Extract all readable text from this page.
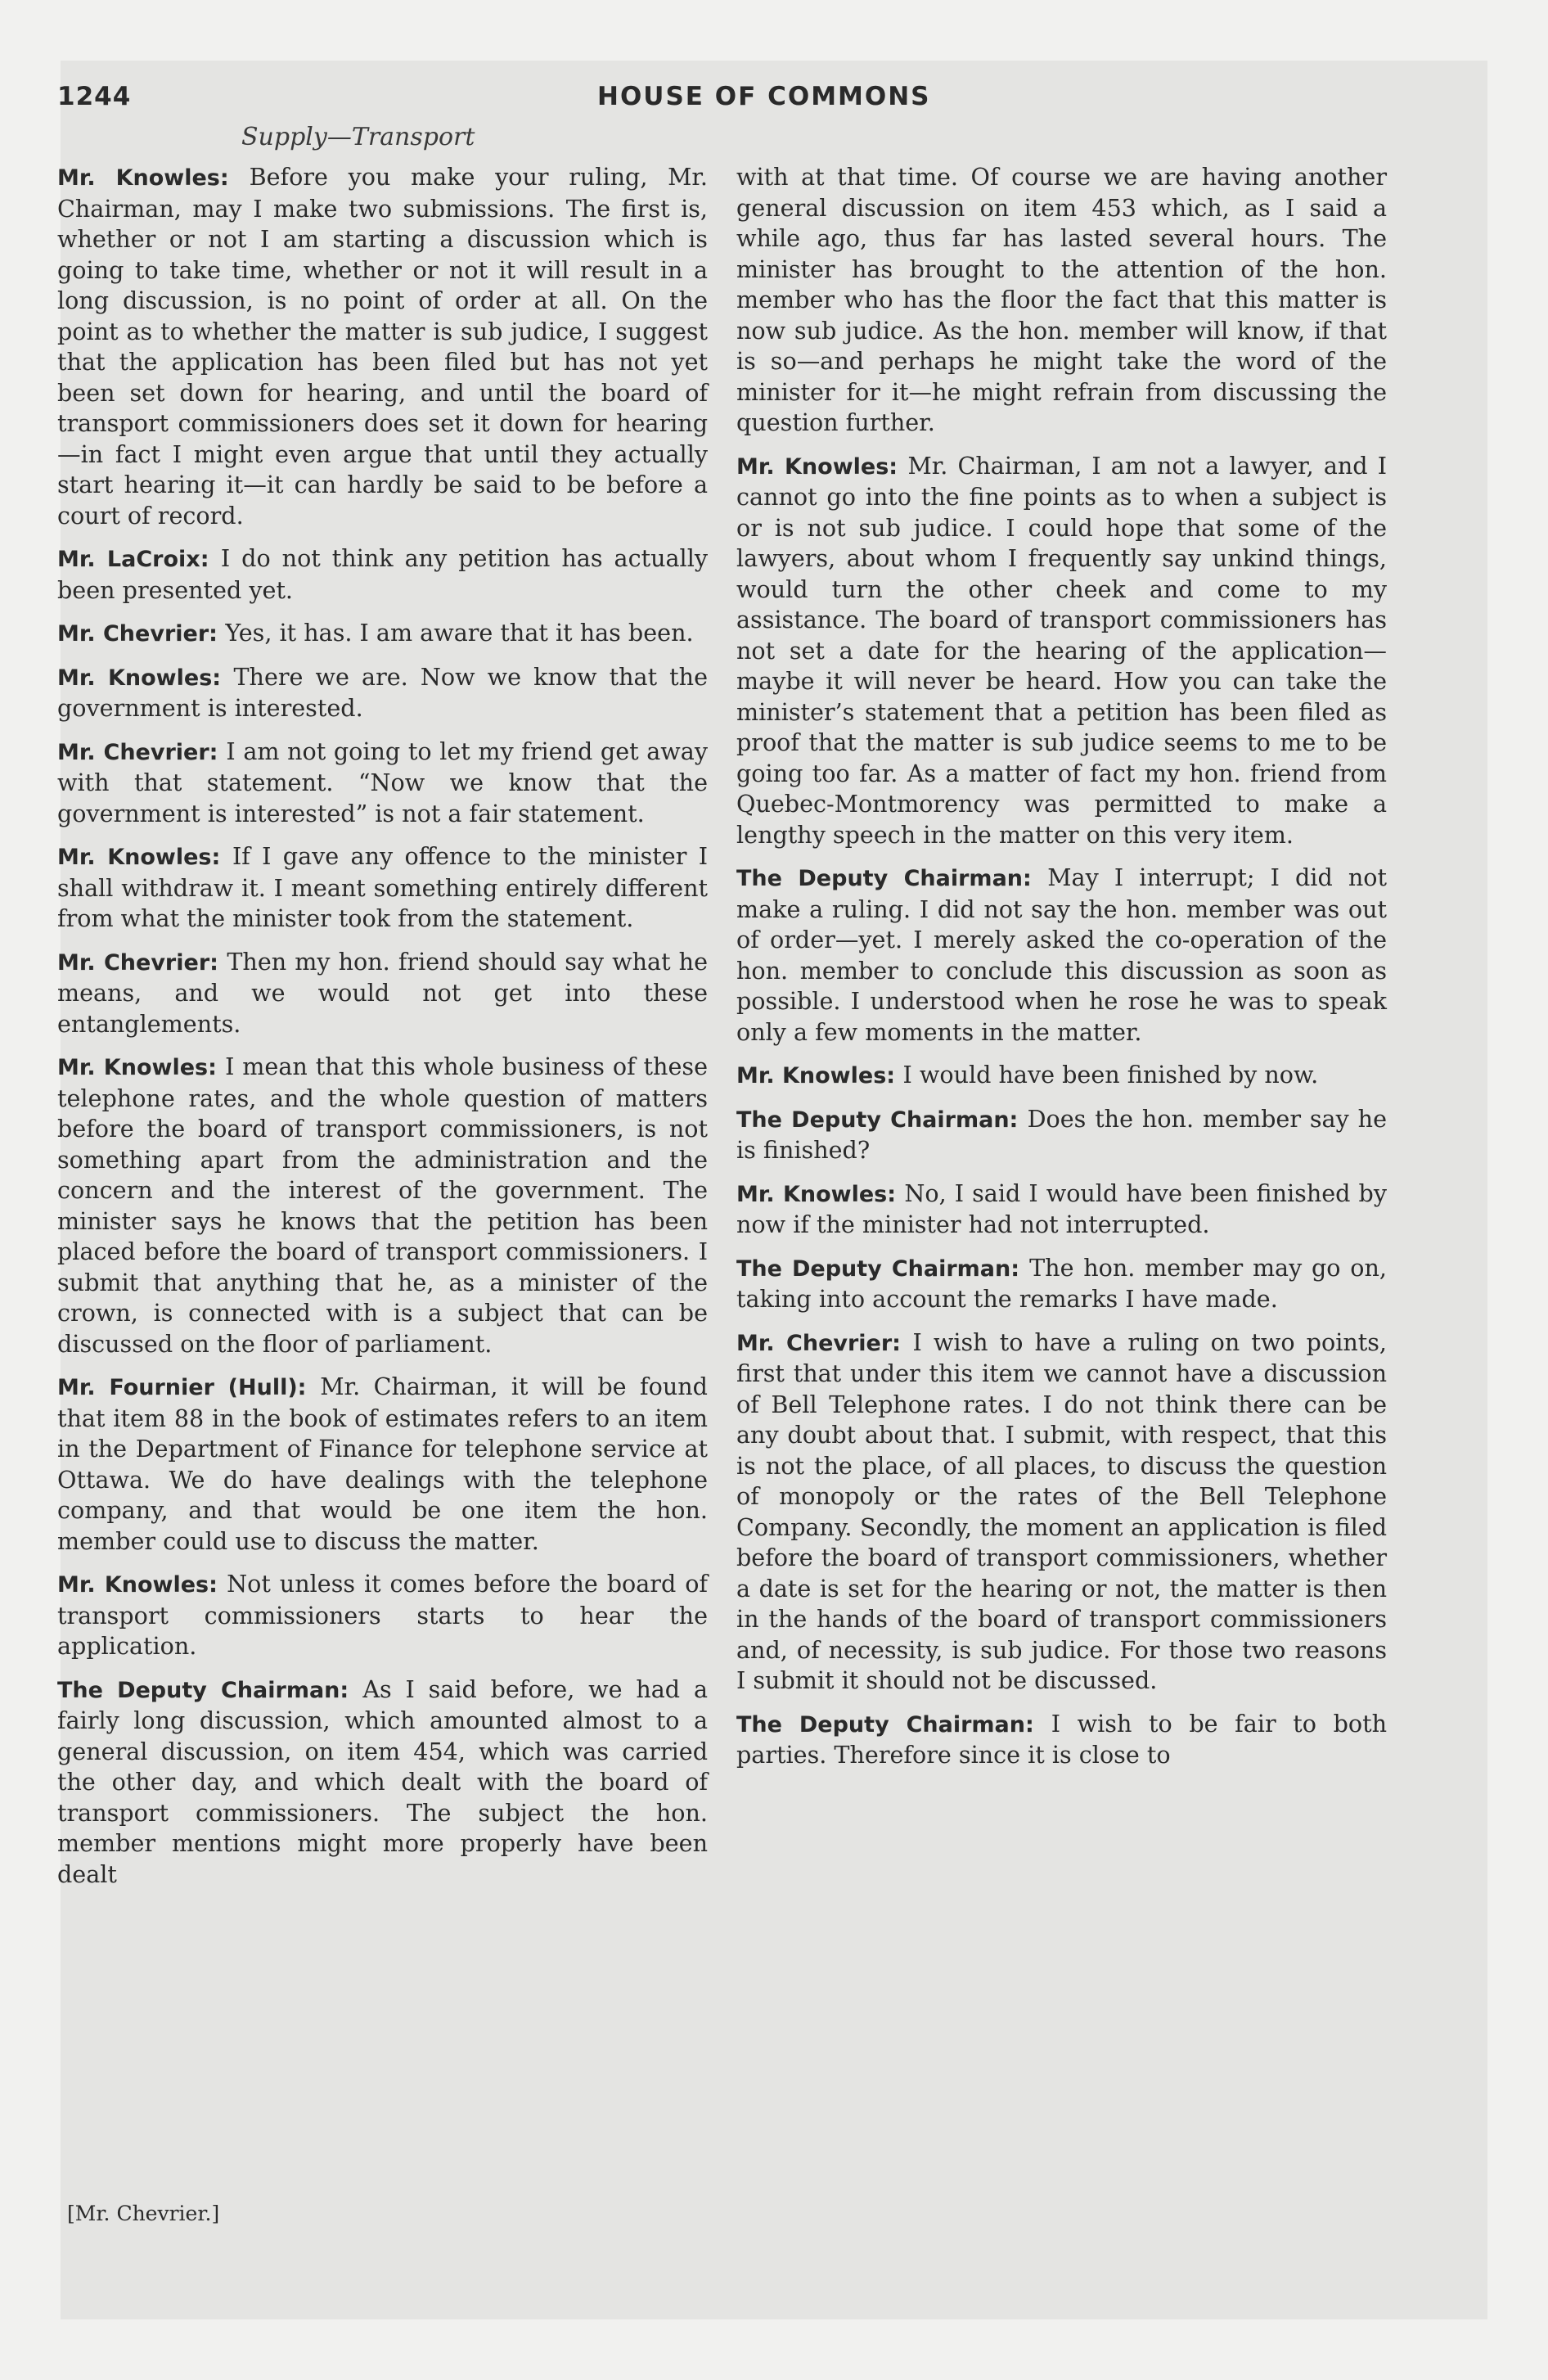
1244	HOUSE OF COMMONS
Supply—Transport

Mr. Knowles: Before you make your ruling, Mr. Chairman, may I make two submissions. The first is, whether or not I am starting a discussion which is going to take time, whether or not it will result in a long discussion, is no point of order at all. On the point as to whether the matter is sub judice, I suggest that the application has been filed but has not yet been set down for hearing, and until the board of transport commissioners does set it down for hearing—in fact I might even argue that until they actually start hearing it—it can hardly be said to be before a court of record.

Mr. LaCroix: I do not think any petition has actually been presented yet.

Mr. Chevrier: Yes, it has. I am aware that it has been.

Mr. Knowles: There we are. Now we know that the government is interested.

Mr. Chevrier: I am not going to let my friend get away with that statement. “Now we know that the government is interested” is not a fair statement.

Mr. Knowles: If I gave any offence to the minister I shall withdraw it. I meant something entirely different from what the minister took from the statement.

Mr. Chevrier: Then my hon. friend should say what he means, and we would not get into these entanglements.

Mr. Knowles: I mean that this whole business of these telephone rates, and the whole question of matters before the board of transport commissioners, is not something apart from the administration and the concern and the interest of the government. The minister says he knows that the petition has been placed before the board of transport commissioners. I submit that anything that he, as a minister of the crown, is connected with is a subject that can be discussed on the floor of parliament.

Mr. Fournier (Hull): Mr. Chairman, it will be found that item 88 in the book of estimates refers to an item in the Department of Finance for telephone service at Ottawa. We do have dealings with the telephone company, and that would be one item the hon. member could use to discuss the matter.

Mr. Knowles: Not unless it comes before the board of transport commissioners starts to hear the application.

The Deputy Chairman: As I said before, we had a fairly long discussion, which amounted almost to a general discussion, on item 454, which was carried the other day, and which dealt with the board of transport commissioners. The subject the hon. member mentions might more properly have been dealt

with at that time. Of course we are having another general discussion on item 453 which, as I said a while ago, thus far has lasted several hours. The minister has brought to the attention of the hon. member who has the floor the fact that this matter is now sub judice. As the hon. member will know, if that is so—and perhaps he might take the word of the minister for it—he might refrain from discussing the question further.

Mr. Knowles: Mr. Chairman, I am not a lawyer, and I cannot go into the fine points as to when a subject is or is not sub judice. I could hope that some of the lawyers, about whom I frequently say unkind things, would turn the other cheek and come to my assistance. The board of transport commissioners has not set a date for the hearing of the application—maybe it will never be heard. How you can take the minister’s statement that a petition has been filed as proof that the matter is sub judice seems to me to be going too far. As a matter of fact my hon. friend from Quebec-Montmorency was permitted to make a lengthy speech in the matter on this very item.

The Deputy Chairman: May I interrupt; I did not make a ruling. I did not say the hon. member was out of order—yet. I merely asked the co-operation of the hon. member to conclude this discussion as soon as possible. I understood when he rose he was to speak only a few moments in the matter.

Mr. Knowles: I would have been finished by now.

The Deputy Chairman: Does the hon. member say he is finished?

Mr. Knowles: No, I said I would have been finished by now if the minister had not interrupted.

The Deputy Chairman: The hon. member may go on, taking into account the remarks I have made.

Mr. Chevrier: I wish to have a ruling on two points, first that under this item we cannot have a discussion of Bell Telephone rates. I do not think there can be any doubt about that. I submit, with respect, that this is not the place, of all places, to discuss the question of monopoly or the rates of the Bell Telephone Company. Secondly, the moment an application is filed before the board of transport commissioners, whether a date is set for the hearing or not, the matter is then in the hands of the board of transport commissioners and, of necessity, is sub judice. For those two reasons I submit it should not be discussed.

The Deputy Chairman: I wish to be fair to both parties. Therefore since it is close to

[Mr. Chevrier.]
